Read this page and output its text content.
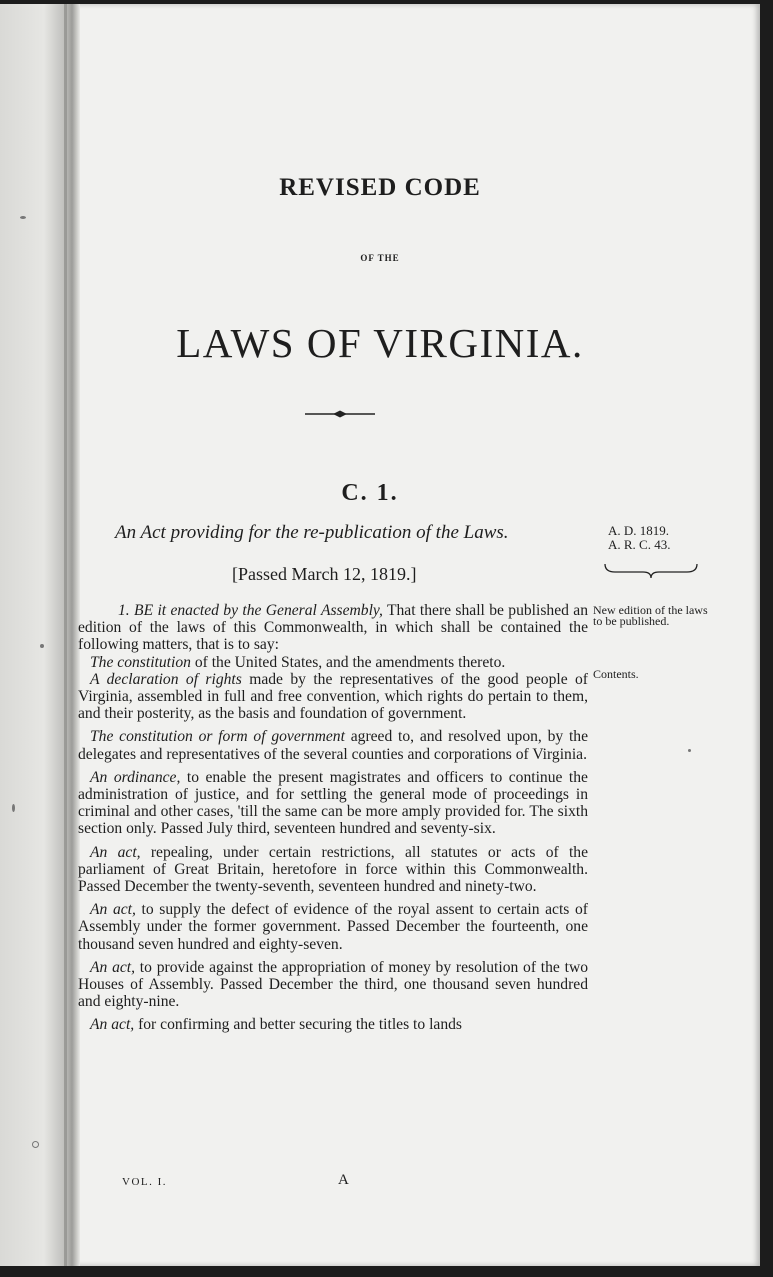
REVISED CODE
OF THE
LAWS OF VIRGINIA.
C. 1.
An Act providing for the re-publication of the Laws.
[Passed March 12, 1819.]
A. D. 1819.
A. R. C. 43.
New edition of the laws to be published.
Contents.

1. BE it enacted by the General Assembly, That there shall be published an edition of the laws of this Commonwealth, in which shall be contained the following matters, that is to say:

The constitution of the United States, and the amendments thereto.

A declaration of rights made by the representatives of the good people of Virginia, assembled in full and free convention, which rights do pertain to them, and their posterity, as the basis and foundation of government.

The constitution or form of government agreed to, and resolved upon, by the delegates and representatives of the several counties and corporations of Virginia.

An ordinance, to enable the present magistrates and officers to continue the administration of justice, and for settling the general mode of proceedings in criminal and other cases, 'till the same can be more amply provided for. The sixth section only. Passed July third, seventeen hundred and seventy-six.

An act, repealing, under certain restrictions, all statutes or acts of the parliament of Great Britain, heretofore in force within this Commonwealth. Passed December the twenty-seventh, seventeen hundred and ninety-two.

An act, to supply the defect of evidence of the royal assent to certain acts of Assembly under the former government. Passed December the fourteenth, one thousand seven hundred and eighty-seven.

An act, to provide against the appropriation of money by resolution of the two Houses of Assembly. Passed December the third, one thousand seven hundred and eighty-nine.

An act, for confirming and better securing the titles to lands

VOL. I.	A
